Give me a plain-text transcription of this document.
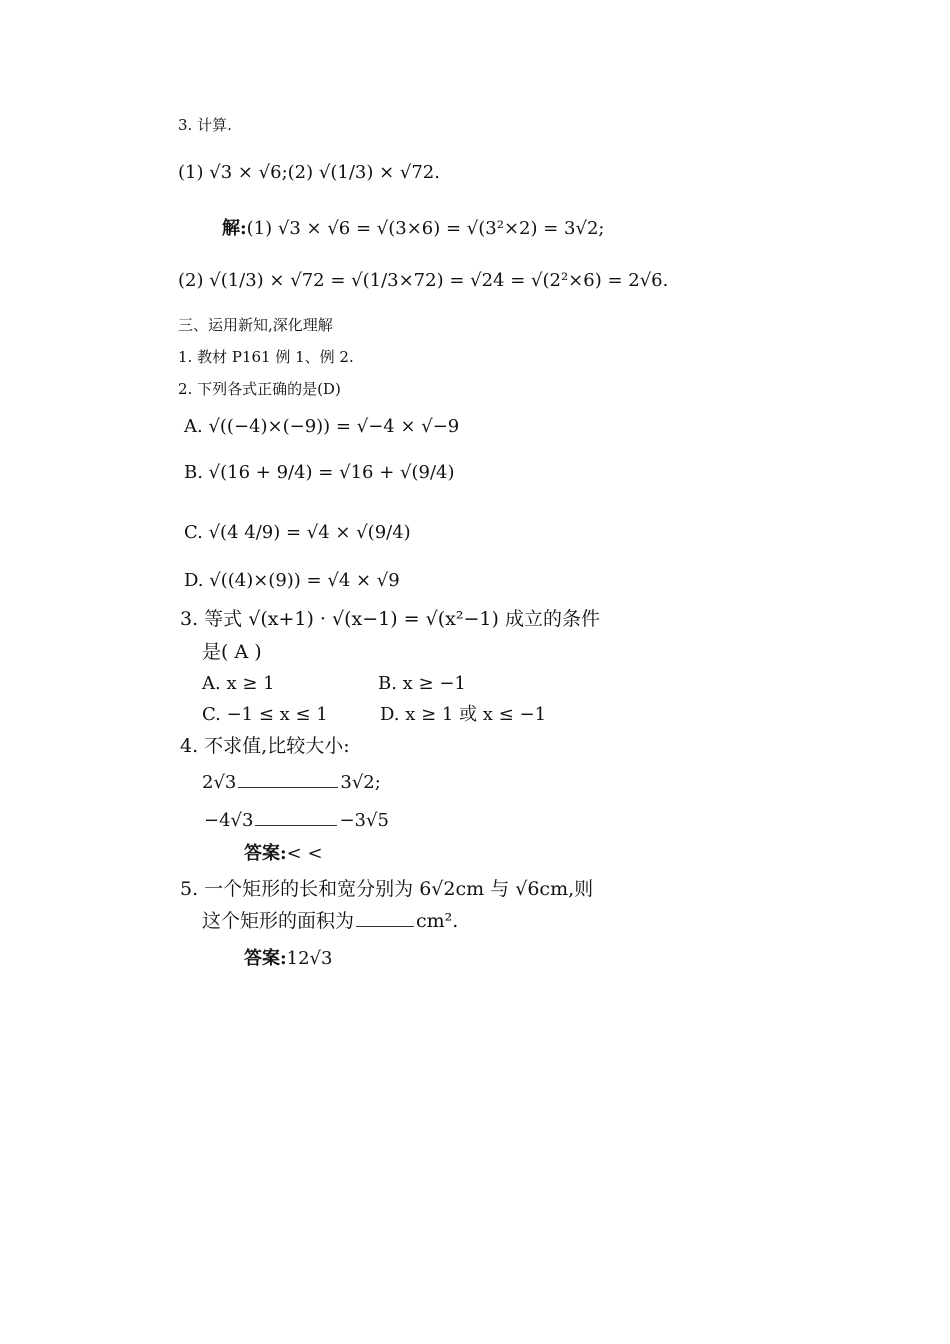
3. 计算.
(1) √3 × √6;(2) √(1/3) × √72.
解:(1) √3 × √6 = √(3×6) = √(3²×2) = 3√2;
(2) √(1/3) × √72 = √(1/3×72) = √24 = √(2²×6) = 2√6.
三、运用新知,深化理解
1. 教材 P161 例 1、例 2.
2. 下列各式正确的是(D)
A. √((−4)×(−9)) = √−4 × √−9
B. √(16 + 9/4) = √16 + √(9/4)
C. √(4 4/9) = √4 × √(9/4)
D. √((4)×(9)) = √4 × √9
3. 等式 √(x+1) · √(x−1) = √(x²−1) 成立的条件
是( A )
A. x ≥ 1	B. x ≥ −1
C. −1 ≤ x ≤ 1	D. x ≥ 1 或 x ≤ −1
4. 不求值,比较大小:
2√3	3√2;
−4√3	−3√5
答案:< <
5. 一个矩形的长和宽分别为 6√2cm 与 √6cm,则
这个矩形的面积为	cm².
答案:12√3
